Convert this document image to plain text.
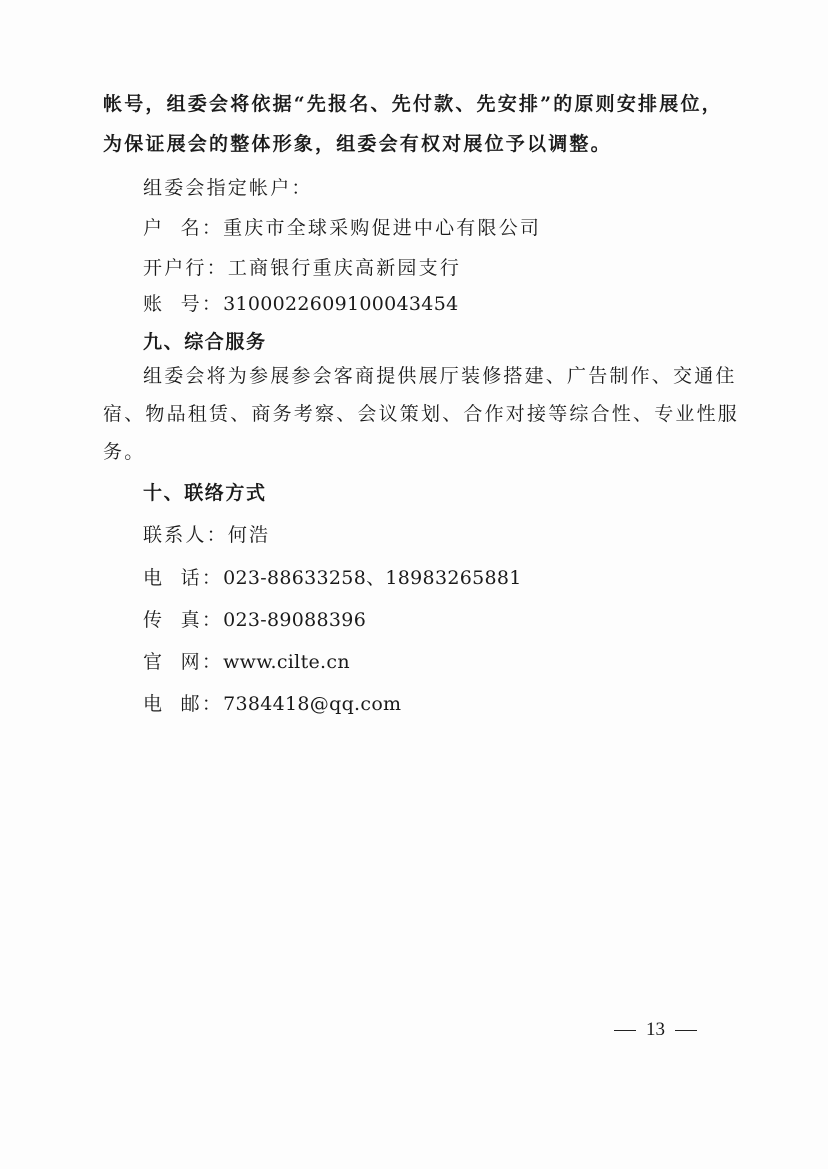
帐号，组委会将依据“先报名、先付款、先安排”的原则安排展位，
为保证展会的整体形象，组委会有权对展位予以调整。
组委会指定帐户：
户  名：重庆市全球采购促进中心有限公司
开户行：工商银行重庆高新园支行
账  号：3100022609100043454
九、综合服务
组委会将为参展参会客商提供展厅装修搭建、广告制作、交通住
宿、物品租赁、商务考察、会议策划、合作对接等综合性、专业性服
务。
十、联络方式
联系人：何浩
电  话：023-88633258、18983265881
传  真：023-89088396
官  网：www.cilte.cn
电  邮：7384418@qq.com
13
